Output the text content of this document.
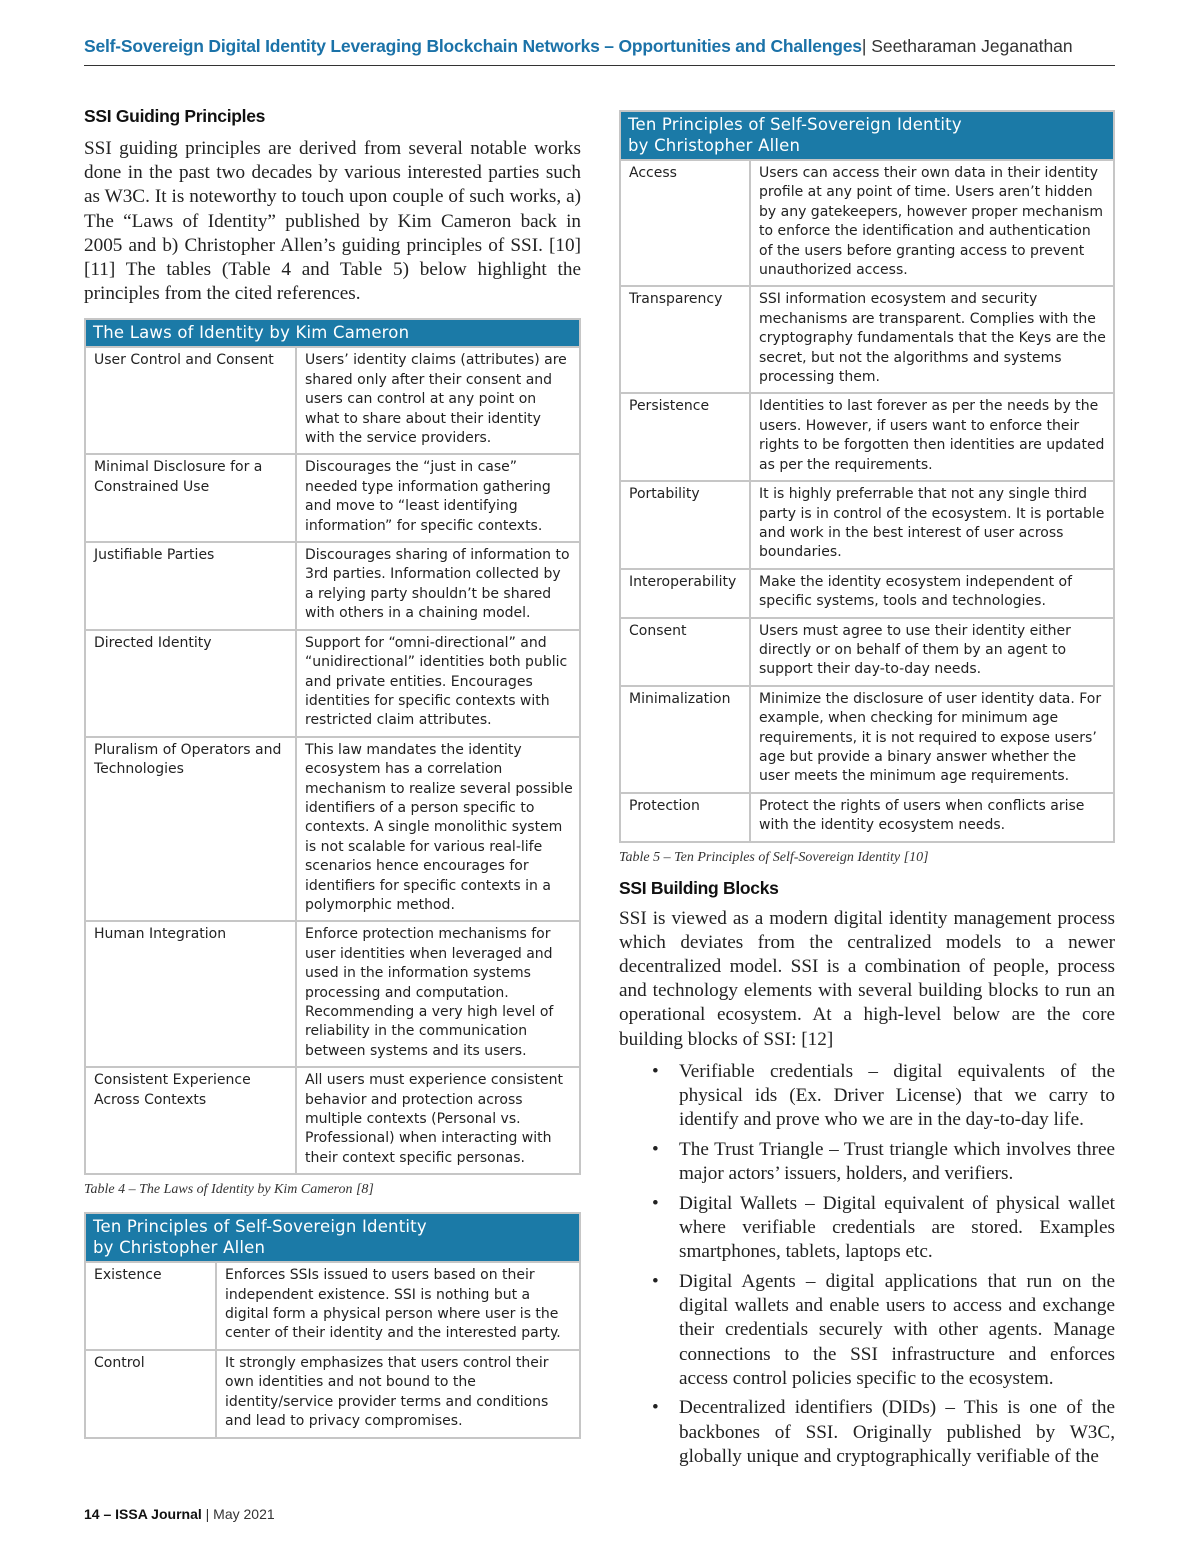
Self-Sovereign Digital Identity Leveraging Blockchain Networks – Opportunities and Challenges| Seetharaman Jeganathan
SSI Guiding Principles

SSI guiding principles are derived from several notable works done in the past two decades by various interested parties such as W3C. It is noteworthy to touch upon couple of such works, a) The “Laws of Identity” published by Kim Cameron back in 2005 and b) Christopher Allen’s guiding principles of SSI. [10][11] The tables (Table 4 and Table 5) below highlight the principles from the cited references.

The Laws of Identity by Kim Cameron	
User Control and Consent	Users’ identity claims (attributes) are shared only after their consent and users can control at any point on what to share about their identity with the service providers.
Minimal Disclosure for a Constrained Use	Discourages the “just in case” needed type information gathering and move to “least identifying information” for specific contexts.
Justifiable Parties	Discourages sharing of information to 3rd parties. Information collected by a relying party shouldn’t be shared with others in a chaining model.
Directed Identity	Support for “omni-directional” and “unidirectional” identities both public and private entities. Encourages identities for specific contexts with restricted claim attributes.
Pluralism of Operators and Technologies	This law mandates the identity ecosystem has a correlation mechanism to realize several possible identifiers of a person specific to contexts. A single monolithic system is not scalable for various real-life scenarios hence encourages for identifiers for specific contexts in a polymorphic method.
Human Integration	Enforce protection mechanisms for user identities when leveraged and used in the information systems processing and computation. Recommending a very high level of reliability in the communication between systems and its users.
Consistent Experience Across Contexts	All users must experience consistent behavior and protection across multiple contexts (Personal vs. Professional) when interacting with their context specific personas.
Table 4 – The Laws of Identity by Kim Cameron [8]
Ten Principles of Self-Sovereign Identity
by Christopher Allen	
Existence	Enforces SSIs issued to users based on their independent existence. SSI is nothing but a digital form a physical person where user is the center of their identity and the interested party.
Control	It strongly emphasizes that users control their own identities and not bound to the identity/service provider terms and conditions and lead to privacy compromises.
Ten Principles of Self-Sovereign Identity
by Christopher Allen	
Access	Users can access their own data in their identity profile at any point of time. Users aren’t hidden by any gatekeepers, however proper mechanism to enforce the identification and authentication of the users before granting access to prevent unauthorized access.
Transparency	SSI information ecosystem and security mechanisms are transparent. Complies with the cryptography fundamentals that the Keys are the secret, but not the algorithms and systems processing them.
Persistence	Identities to last forever as per the needs by the users. However, if users want to enforce their rights to be forgotten then identities are updated as per the requirements.
Portability	It is highly preferrable that not any single third party is in control of the ecosystem. It is portable and work in the best interest of user across boundaries.
Interoperability	Make the identity ecosystem independent of specific systems, tools and technologies.
Consent	Users must agree to use their identity either directly or on behalf of them by an agent to support their day-to-day needs.
Minimalization	Minimize the disclosure of user identity data. For example, when checking for minimum age requirements, it is not required to expose users’ age but provide a binary answer whether the user meets the minimum age requirements.
Protection	Protect the rights of users when conflicts arise with the identity ecosystem needs.
Table 5 – Ten Principles of Self-Sovereign Identity [10]
SSI Building Blocks

SSI is viewed as a modern digital identity management process which deviates from the centralized models to a newer decentralized model. SSI is a combination of people, process and technology elements with several building blocks to run an operational ecosystem. At a high-level below are the core building blocks of SSI: [12]

• Verifiable credentials – digital equivalents of the physical ids (Ex. Driver License) that we carry to identify and prove who we are in the day-to-day life.
• The Trust Triangle – Trust triangle which involves three major actors’ issuers, holders, and verifiers.
• Digital Wallets – Digital equivalent of physical wallet where verifiable credentials are stored. Examples smartphones, tablets, laptops etc.
• Digital Agents – digital applications that run on the digital wallets and enable users to access and exchange their credentials securely with other agents. Manage connections to the SSI infrastructure and enforces access control policies specific to the ecosystem.
• Decentralized identifiers (DIDs) – This is one of the backbones of SSI. Originally published by W3C, globally unique and cryptographically verifiable of the
14 – ISSA Journal | May 2021
